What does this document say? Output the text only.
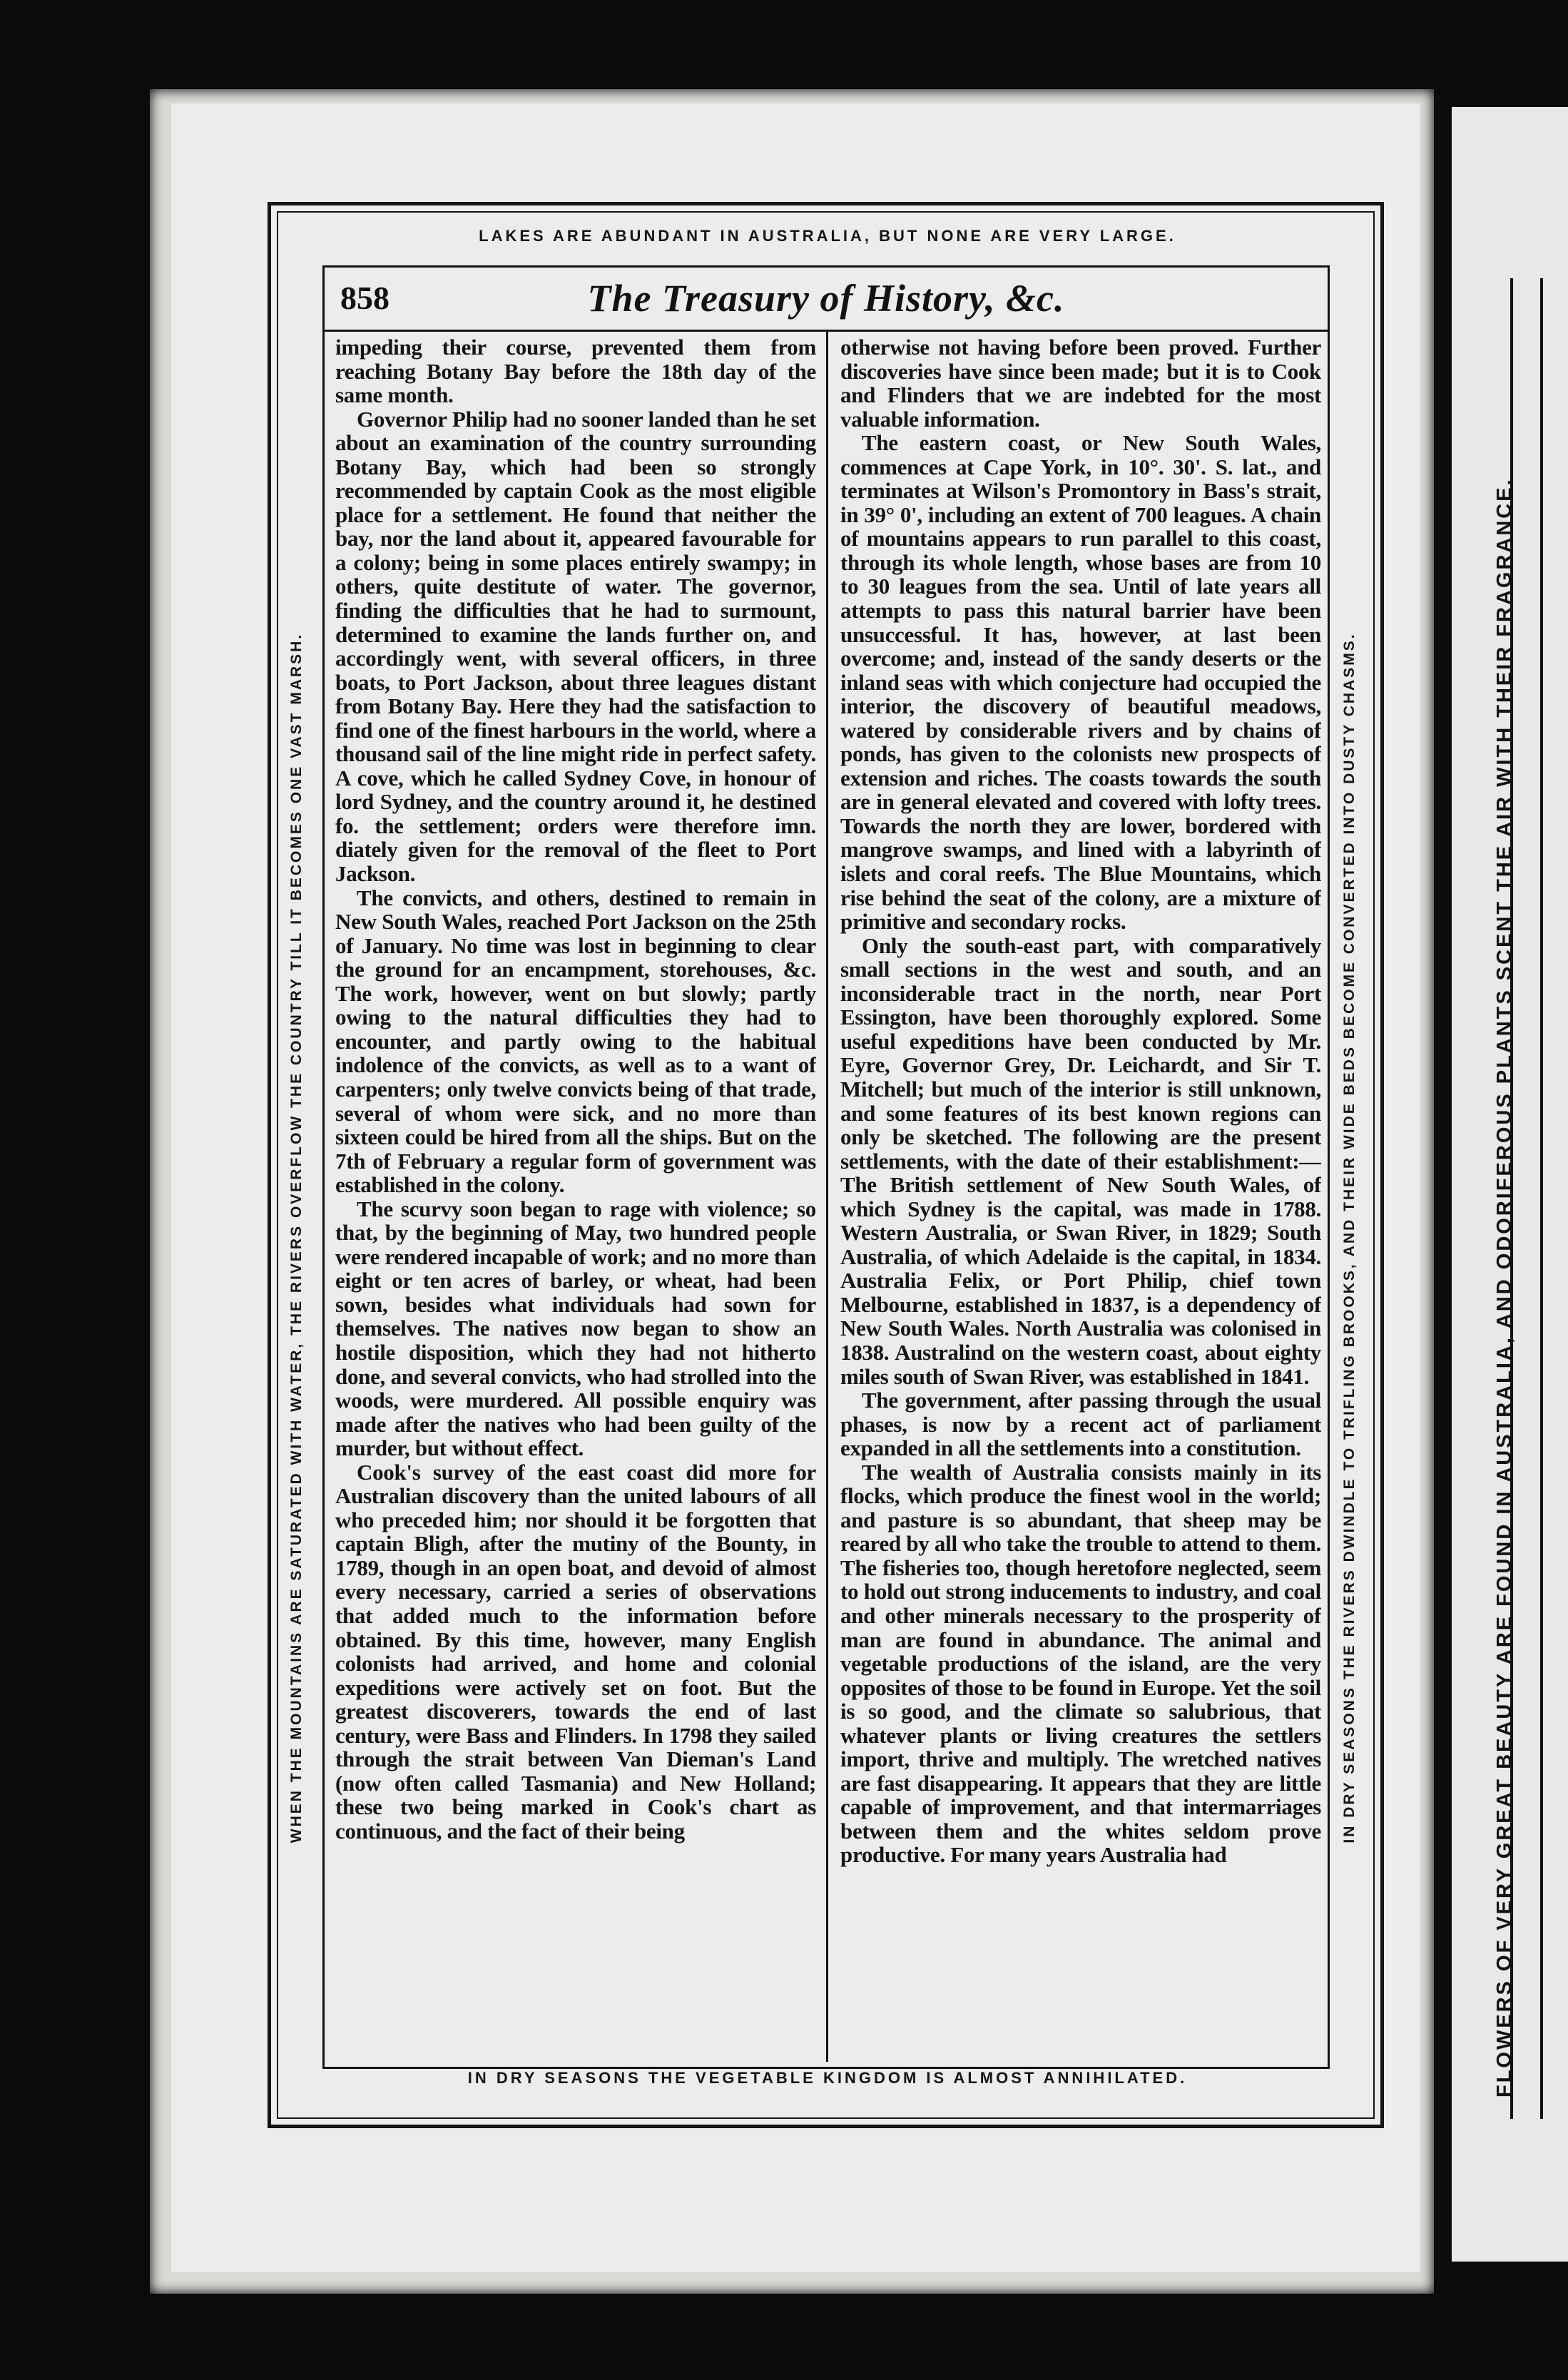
FLOWERS OF VERY GREAT BEAUTY ARE FOUND IN AUSTRALIA, AND ODORIFEROUS PLANTS SCENT THE AIR WITH THEIR FRAGRANCE.
LAKES ARE ABUNDANT IN AUSTRALIA, BUT NONE ARE VERY LARGE.
WHEN THE MOUNTAINS ARE SATURATED WITH WATER, THE RIVERS OVERFLOW THE COUNTRY TILL IT BECOMES ONE VAST MARSH.	IN DRY SEASONS THE RIVERS DWINDLE TO TRIFLING BROOKS, AND THEIR WIDE BEDS BECOME CONVERTED INTO DUSTY CHASMS.
858	The Treasury of History, &c.

impeding their course, prevented them from reaching Botany Bay before the 18th day of the same month.

Governor Philip had no sooner landed than he set about an examination of the country surrounding Botany Bay, which had been so strongly recommended by captain Cook as the most eligible place for a settlement. He found that neither the bay, nor the land about it, appeared favourable for a colony; being in some places entirely swampy; in others, quite destitute of water. The governor, finding the difficulties that he had to surmount, determined to examine the lands further on, and accordingly went, with several officers, in three boats, to Port Jackson, about three leagues distant from Botany Bay. Here they had the satisfaction to find one of the finest harbours in the world, where a thousand sail of the line might ride in perfect safety. A cove, which he called Sydney Cove, in honour of lord Sydney, and the country around it, he destined fo. the settlement; orders were therefore imn. diately given for the removal of the fleet to Port Jackson.

The convicts, and others, destined to remain in New South Wales, reached Port Jackson on the 25th of January. No time was lost in beginning to clear the ground for an encampment, storehouses, &c. The work, however, went on but slowly; partly owing to the natural difficulties they had to encounter, and partly owing to the habitual indolence of the convicts, as well as to a want of carpenters; only twelve convicts being of that trade, several of whom were sick, and no more than sixteen could be hired from all the ships. But on the 7th of February a regular form of government was established in the colony.

The scurvy soon began to rage with violence; so that, by the beginning of May, two hundred people were rendered incapable of work; and no more than eight or ten acres of barley, or wheat, had been sown, besides what individuals had sown for themselves. The natives now began to show an hostile disposition, which they had not hitherto done, and several convicts, who had strolled into the woods, were murdered. All possible enquiry was made after the natives who had been guilty of the murder, but without effect.

Cook's survey of the east coast did more for Australian discovery than the united labours of all who preceded him; nor should it be forgotten that captain Bligh, after the mutiny of the Bounty, in 1789, though in an open boat, and devoid of almost every necessary, carried a series of observations that added much to the information before obtained. By this time, however, many English colonists had arrived, and home and colonial expeditions were actively set on foot. But the greatest discoverers, towards the end of last century, were Bass and Flinders. In 1798 they sailed through the strait between Van Dieman's Land (now often called Tasmania) and New Holland; these two being marked in Cook's chart as continuous, and the fact of their being

otherwise not having before been proved. Further discoveries have since been made; but it is to Cook and Flinders that we are indebted for the most valuable information.

The eastern coast, or New South Wales, commences at Cape York, in 10°. 30'. S. lat., and terminates at Wilson's Promontory in Bass's strait, in 39° 0', including an extent of 700 leagues. A chain of mountains appears to run parallel to this coast, through its whole length, whose bases are from 10 to 30 leagues from the sea. Until of late years all attempts to pass this natural barrier have been unsuccessful. It has, however, at last been overcome; and, instead of the sandy deserts or the inland seas with which conjecture had occupied the interior, the discovery of beautiful meadows, watered by considerable rivers and by chains of ponds, has given to the colonists new prospects of extension and riches. The coasts towards the south are in general elevated and covered with lofty trees. Towards the north they are lower, bordered with mangrove swamps, and lined with a labyrinth of islets and coral reefs. The Blue Mountains, which rise behind the seat of the colony, are a mixture of primitive and secondary rocks.

Only the south-east part, with comparatively small sections in the west and south, and an inconsiderable tract in the north, near Port Essington, have been thoroughly explored. Some useful expeditions have been conducted by Mr. Eyre, Governor Grey, Dr. Leichardt, and Sir T. Mitchell; but much of the interior is still unknown, and some features of its best known regions can only be sketched. The following are the present settlements, with the date of their establishment:—The British settlement of New South Wales, of which Sydney is the capital, was made in 1788. Western Australia, or Swan River, in 1829; South Australia, of which Adelaide is the capital, in 1834. Australia Felix, or Port Philip, chief town Melbourne, established in 1837, is a dependency of New South Wales. North Australia was colonised in 1838. Australind on the western coast, about eighty miles south of Swan River, was established in 1841.

The government, after passing through the usual phases, is now by a recent act of parliament expanded in all the settlements into a constitution.

The wealth of Australia consists mainly in its flocks, which produce the finest wool in the world; and pasture is so abundant, that sheep may be reared by all who take the trouble to attend to them. The fisheries too, though heretofore neglected, seem to hold out strong inducements to industry, and coal and other minerals necessary to the prosperity of man are found in abundance. The animal and vegetable productions of the island, are the very opposites of those to be found in Europe. Yet the soil is so good, and the climate so salubrious, that whatever plants or living creatures the settlers import, thrive and multiply. The wretched natives are fast disappearing. It appears that they are little capable of improvement, and that intermarriages between them and the whites seldom prove productive. For many years Australia had

IN DRY SEASONS THE VEGETABLE KINGDOM IS ALMOST ANNIHILATED.
